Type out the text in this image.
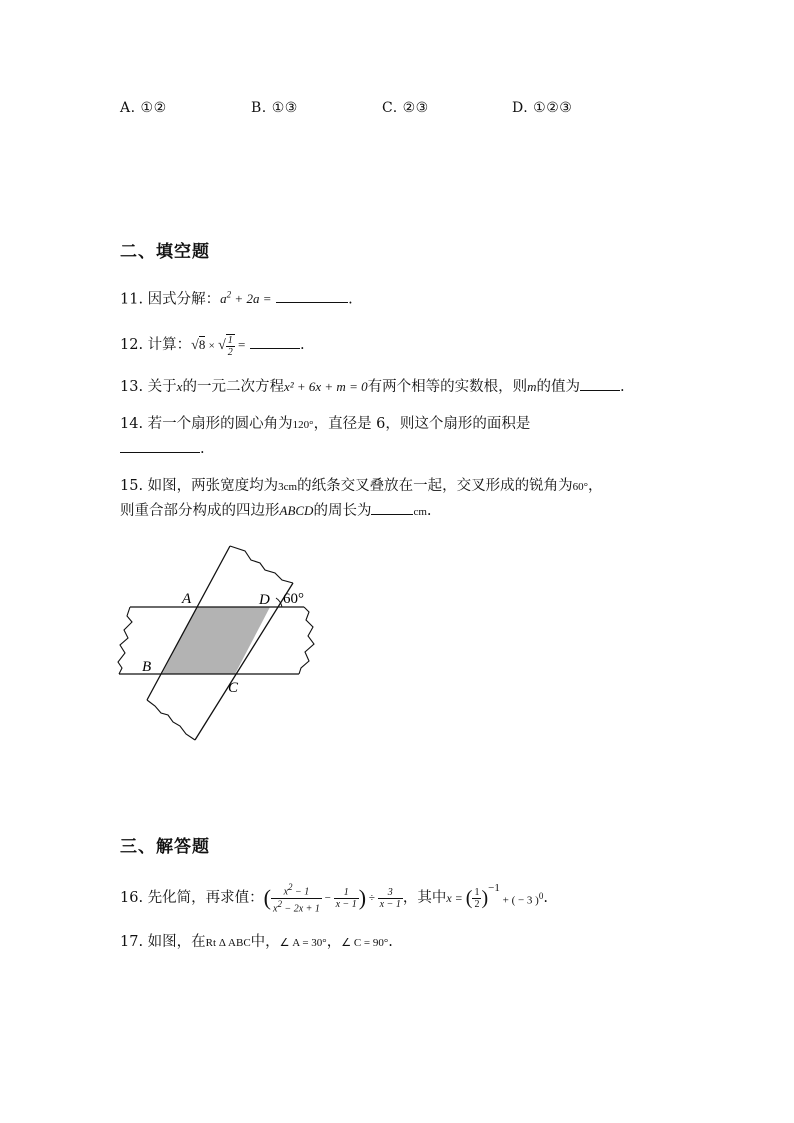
A. ①②	B. ①③	C. ②③	D. ①②③
二、填空题
11. 因式分解：$a^2 + 2a$ =	.
12. 计算：√8 × √ $\frac{1}{2}$ =	.
13. 关于x的一元二次方程x² + 6x + m = 0有两个相等的实数根，则m的值为	.
14. 若一个扇形的圆心角为120°，直径是 6，则这个扇形的面积是
.
15. 如图，两张宽度均为3cm的纸条交叉叠放在一起，交叉形成的锐角为60°，
则重合部分构成的四边形ABCD的周长为	cm.
A	D 60°
B
C
三、解答题
16.
先化简，再求值： ( $\frac{x^2 - 1}{x^2 - 2x + 1} - \frac{1}{x - 1}$ ) ÷ $\frac{3}{x - 1}$ ，其中 x = ( $\frac{1}{2} )^{-1}$
+ ( − 3 )$^0$ .
17. 如图，在Rt Δ ABC中，∠ A = 30°，∠ C = 90°.
